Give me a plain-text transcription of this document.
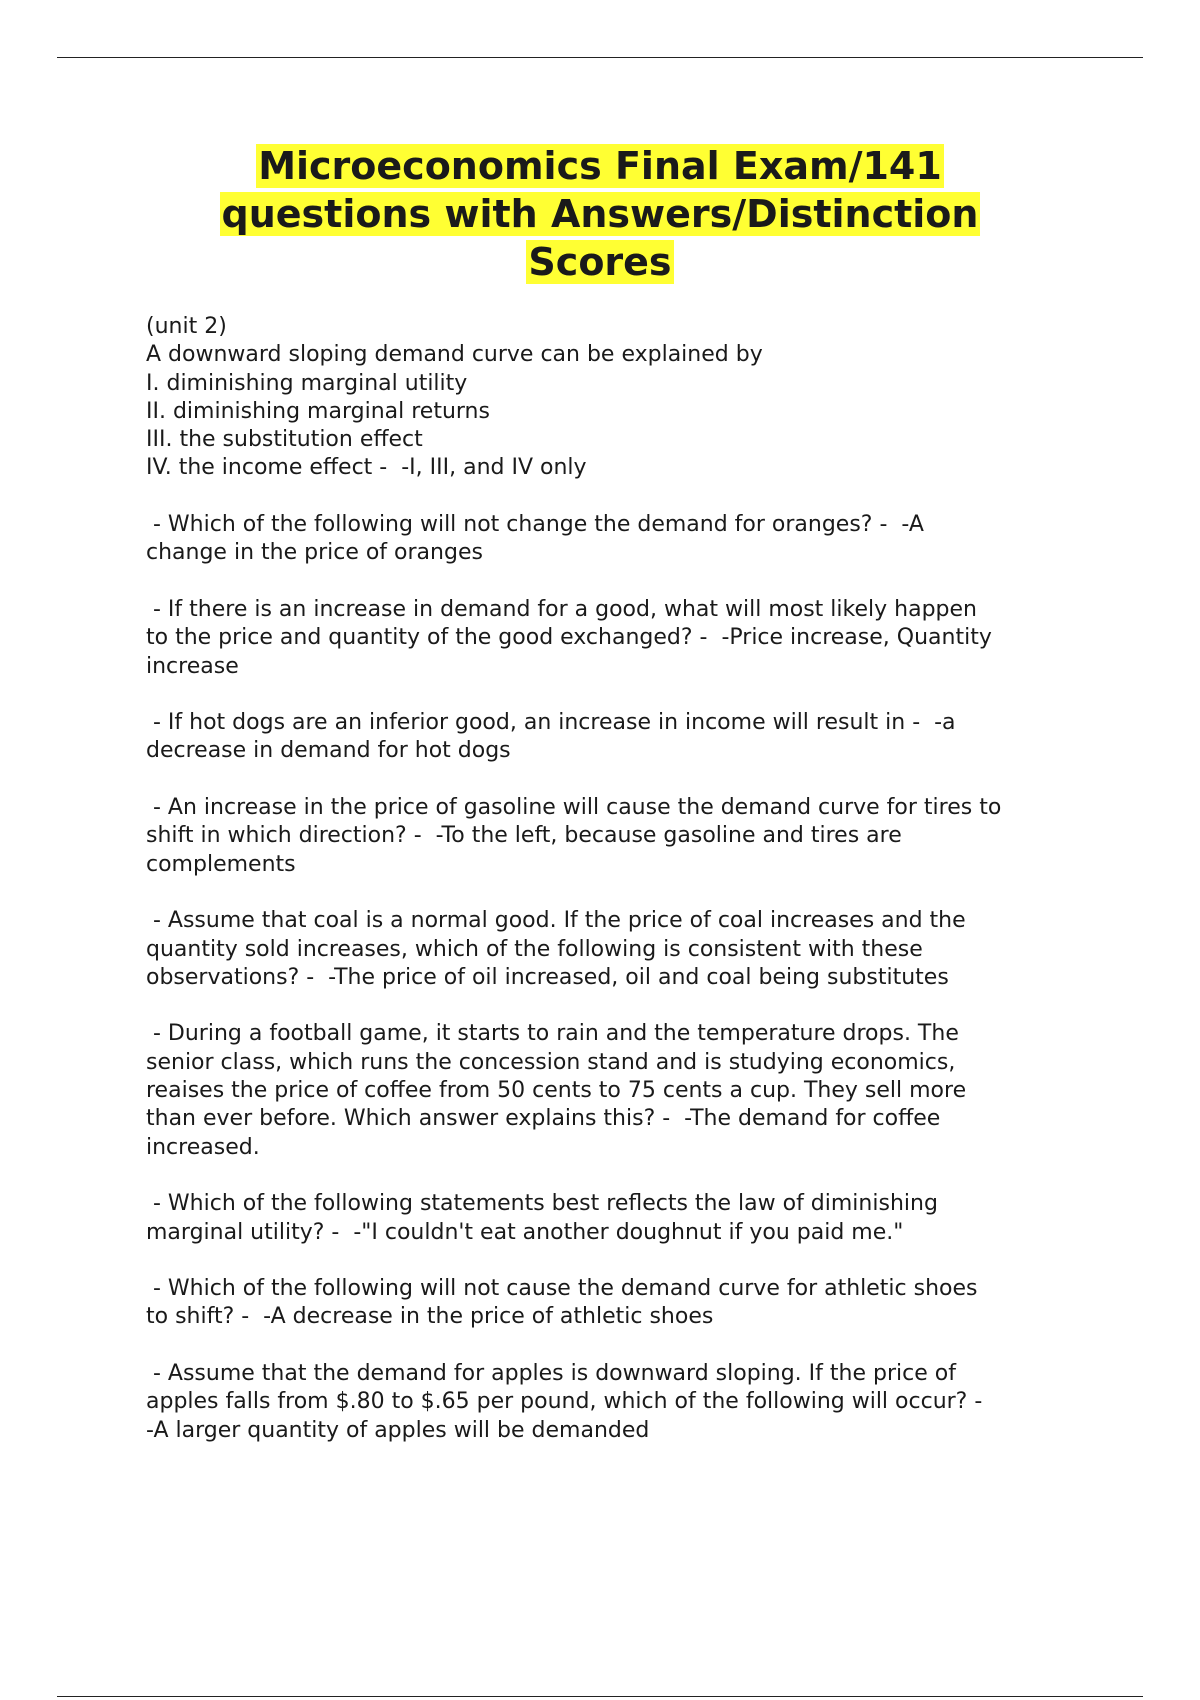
Microeconomics Final Exam/141
questions with Answers/Distinction
Scores
(unit 2)
A downward sloping demand curve can be explained by
I. diminishing marginal utility
II. diminishing marginal returns
III. the substitution effect
IV. the income effect -  -I, III, and IV only
- Which of the following will not change the demand for oranges? -  -A
change in the price of oranges
- If there is an increase in demand for a good, what will most likely happen
to the price and quantity of the good exchanged? -  -Price increase, Quantity
increase
- If hot dogs are an inferior good, an increase in income will result in -  -a
decrease in demand for hot dogs
- An increase in the price of gasoline will cause the demand curve for tires to
shift in which direction? -  -To the left, because gasoline and tires are
complements
- Assume that coal is a normal good. If the price of coal increases and the
quantity sold increases, which of the following is consistent with these
observations? -  -The price of oil increased, oil and coal being substitutes
- During a football game, it starts to rain and the temperature drops. The
senior class, which runs the concession stand and is studying economics,
reaises the price of coffee from 50 cents to 75 cents a cup. They sell more
than ever before. Which answer explains this? -  -The demand for coffee
increased.
- Which of the following statements best reflects the law of diminishing
marginal utility? -  -"I couldn't eat another doughnut if you paid me."
- Which of the following will not cause the demand curve for athletic shoes
to shift? -  -A decrease in the price of athletic shoes
- Assume that the demand for apples is downward sloping. If the price of
apples falls from $.80 to $.65 per pound, which of the following will occur? -
-A larger quantity of apples will be demanded
